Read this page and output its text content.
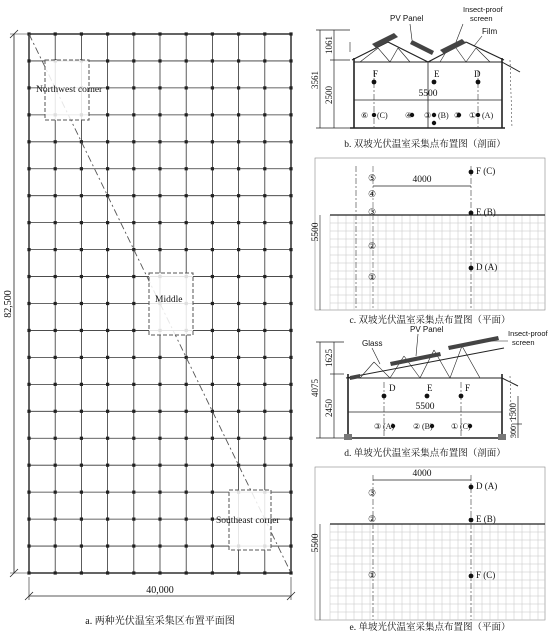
Northwest corner
Middle
Southeast corner
82,500
40,000
a. 两种光伏温室采集区布置平面图
PV Panel
Insect-proof screen
Film
F	E	D
5500
⑥ (C) ④ ③ (B) ② ① (A)
3561
1061
2500
b. 双坡光伏温室采集点布置图（剖面）
4000
5500
F (C)
E (B)
D (A)
⑤
④
③
②
①
c. 双坡光伏温室采集点布置图（平面）
Glass
PV Panel	Insect-proof screen
D	E	F
5500
③ (A) ② (B) ① (C)
4075
1625
2450	1500
300
d. 单坡光伏温室采集点布置图（剖面）
4000
5500
D (A)
E (B)
F (C)
③
②
①
e. 单坡光伏温室采集点布置图（平面）
